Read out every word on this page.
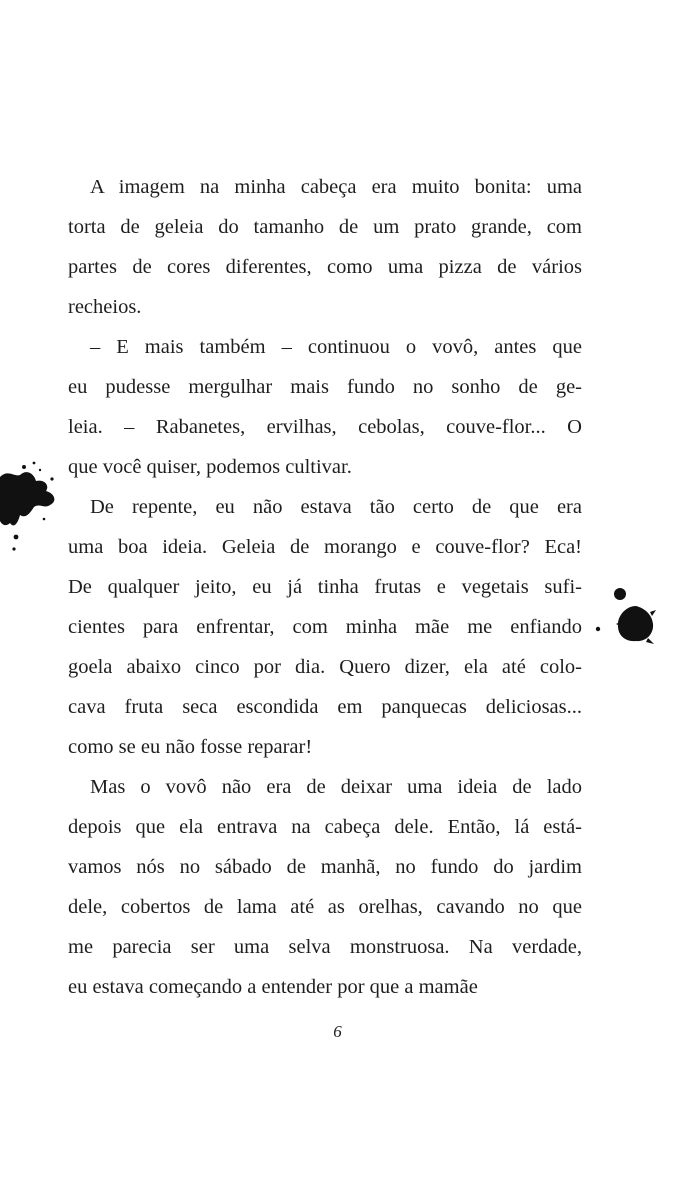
A imagem na minha cabeça era muito bonita: uma
torta de geleia do tamanho de um prato grande, com
partes de cores diferentes, como uma pizza de vários
recheios.
– E mais também – continuou o vovô, antes que
eu pudesse mergulhar mais fundo no sonho de ge-
leia. – Rabanetes, ervilhas, cebolas, couve-flor... O
que você quiser, podemos cultivar.
De repente, eu não estava tão certo de que era
uma boa ideia. Geleia de morango e couve-flor? Eca!
De qualquer jeito, eu já tinha frutas e vegetais sufi-
cientes para enfrentar, com minha mãe me enfiando
goela abaixo cinco por dia. Quero dizer, ela até colo-
cava fruta seca escondida em panquecas deliciosas...
como se eu não fosse reparar!
Mas o vovô não era de deixar uma ideia de lado
depois que ela entrava na cabeça dele. Então, lá está-
vamos nós no sábado de manhã, no fundo do jardim
dele, cobertos de lama até as orelhas, cavando no que
me parecia ser uma selva monstruosa. Na verdade,
eu estava começando a entender por que a mamãe
6
